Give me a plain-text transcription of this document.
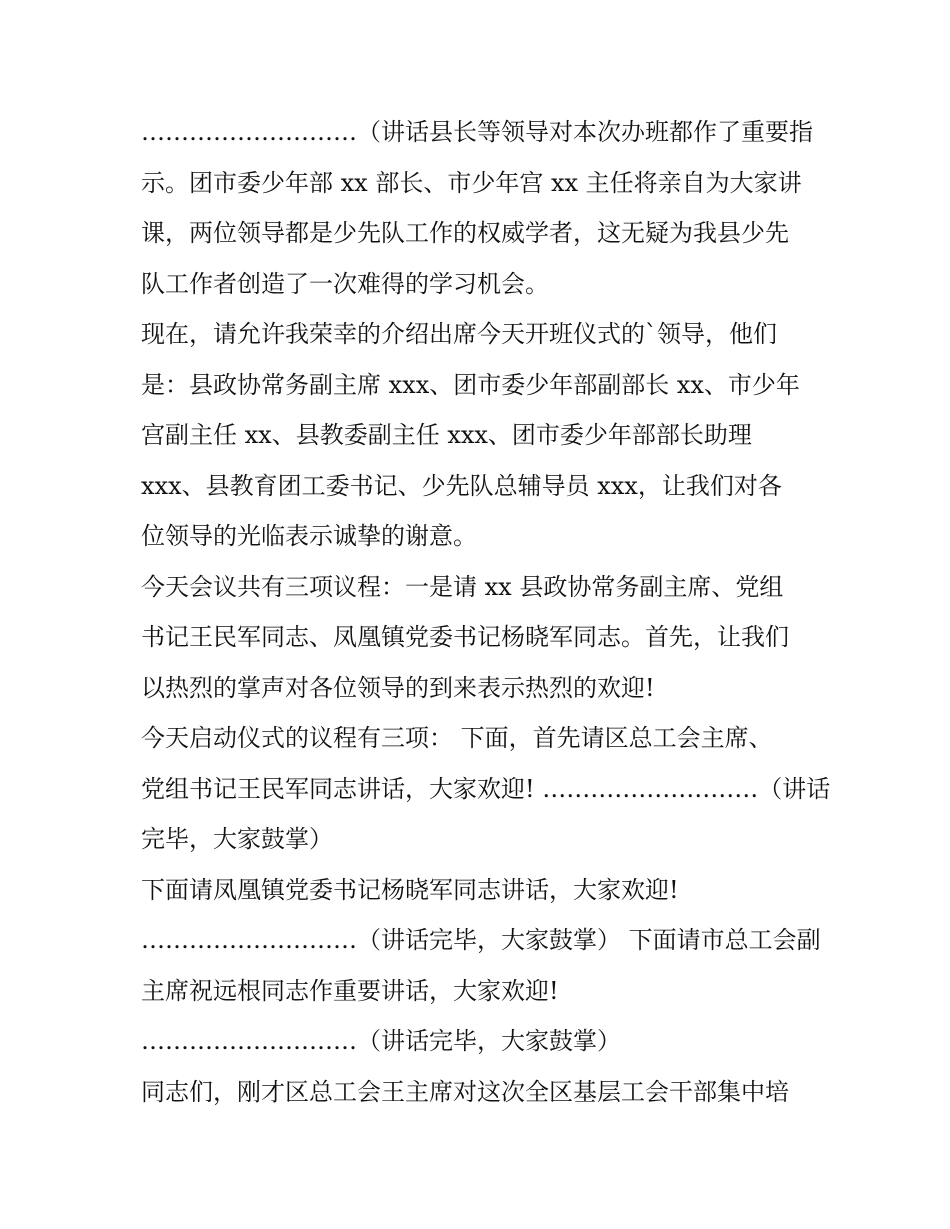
………………………（讲话县长等领导对本次办班都作了重要指
示。团市委少年部 xx 部长、市少年宫 xx 主任将亲自为大家讲
课，两位领导都是少先队工作的权威学者，这无疑为我县少先
队工作者创造了一次难得的学习机会。
现在，请允许我荣幸的介绍出席今天开班仪式的`领导，他们
是：县政协常务副主席 xxx、团市委少年部副部长 xx、市少年
宫副主任 xx、县教委副主任 xxx、团市委少年部部长助理
xxx、县教育团工委书记、少先队总辅导员 xxx，让我们对各
位领导的光临表示诚挚的谢意。
今天会议共有三项议程：一是请 xx 县政协常务副主席、党组
书记王民军同志、凤凰镇党委书记杨晓军同志。首先，让我们
以热烈的掌声对各位领导的到来表示热烈的欢迎!
今天启动仪式的议程有三项： 下面，首先请区总工会主席、
党组书记王民军同志讲话，大家欢迎! ………………………（讲话
完毕，大家鼓掌）
下面请凤凰镇党委书记杨晓军同志讲话，大家欢迎!
………………………（讲话完毕，大家鼓掌） 下面请市总工会副
主席祝远根同志作重要讲话，大家欢迎!
………………………（讲话完毕，大家鼓掌）
同志们，刚才区总工会王主席对这次全区基层工会干部集中培
